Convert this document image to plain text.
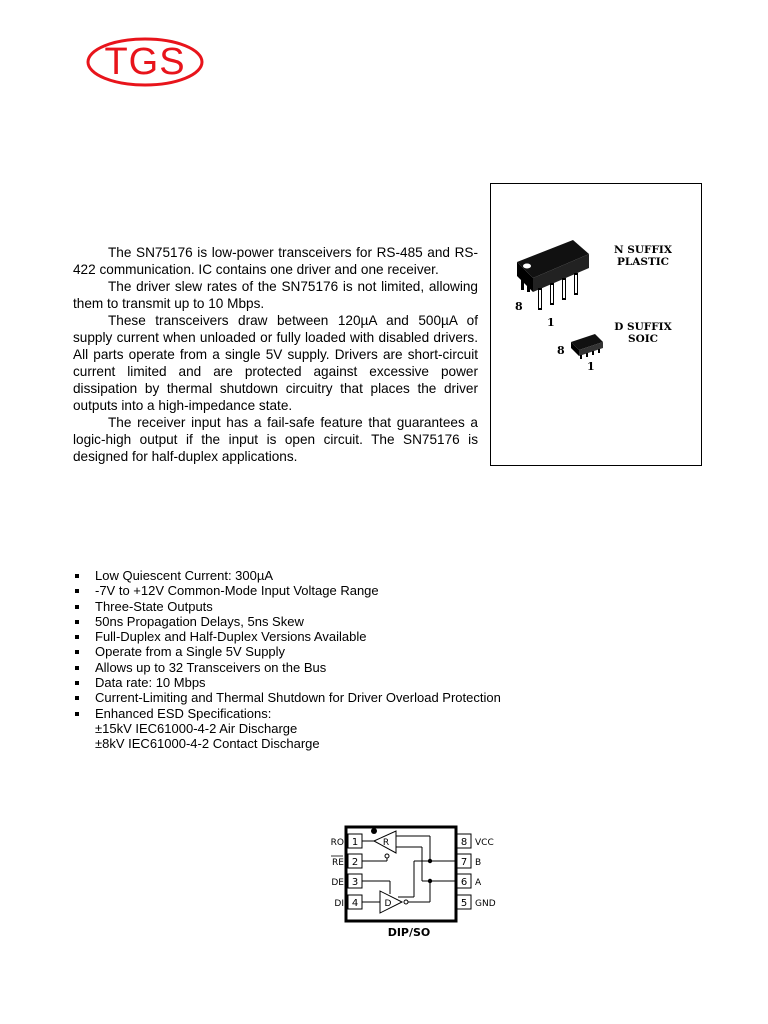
TGS

The SN75176 is low-power transceivers for RS-485 and RS- 422 communication. IC contains one driver and one receiver.

The driver slew rates of the SN75176 is not limited, allowing them to transmit up to 10 Mbps.

These transceivers draw between 120µA and 500µA of supply current when unloaded or fully loaded with disabled drivers. All parts operate from a single 5V supply. Drivers are short-circuit current limited and are protected against excessive power dissipation by thermal shutdown circuitry that places the driver outputs into a high-impedance state.

The receiver input has a fail-safe feature that guarantees a logic-high output if the input is open circuit. The SN75176 is designed for half-duplex applications.

N SUFFIX
PLASTIC
8
1	D SUFFIX
SOIC
8
1
Low Quiescent Current: 300µA
-7V to +12V Common-Mode Input Voltage Range
Three-State Outputs
50ns Propagation Delays, 5ns Skew
Full-Duplex and Half-Duplex Versions Available
Operate from a Single 5V Supply
Allows up to 32 Transceivers on the Bus
Data rate: 10 Mbps
Current-Limiting and Thermal Shutdown for Driver Overload Protection
Enhanced ESD Specifications:
±15kV IEC61000-4-2 Air Discharge
±8kV IEC61000-4-2 Contact Discharge
1
2
3
4
8
7
6
5
RO
RE
DE
DI
VCC
B
A
GND
R
D
DIP/SO
